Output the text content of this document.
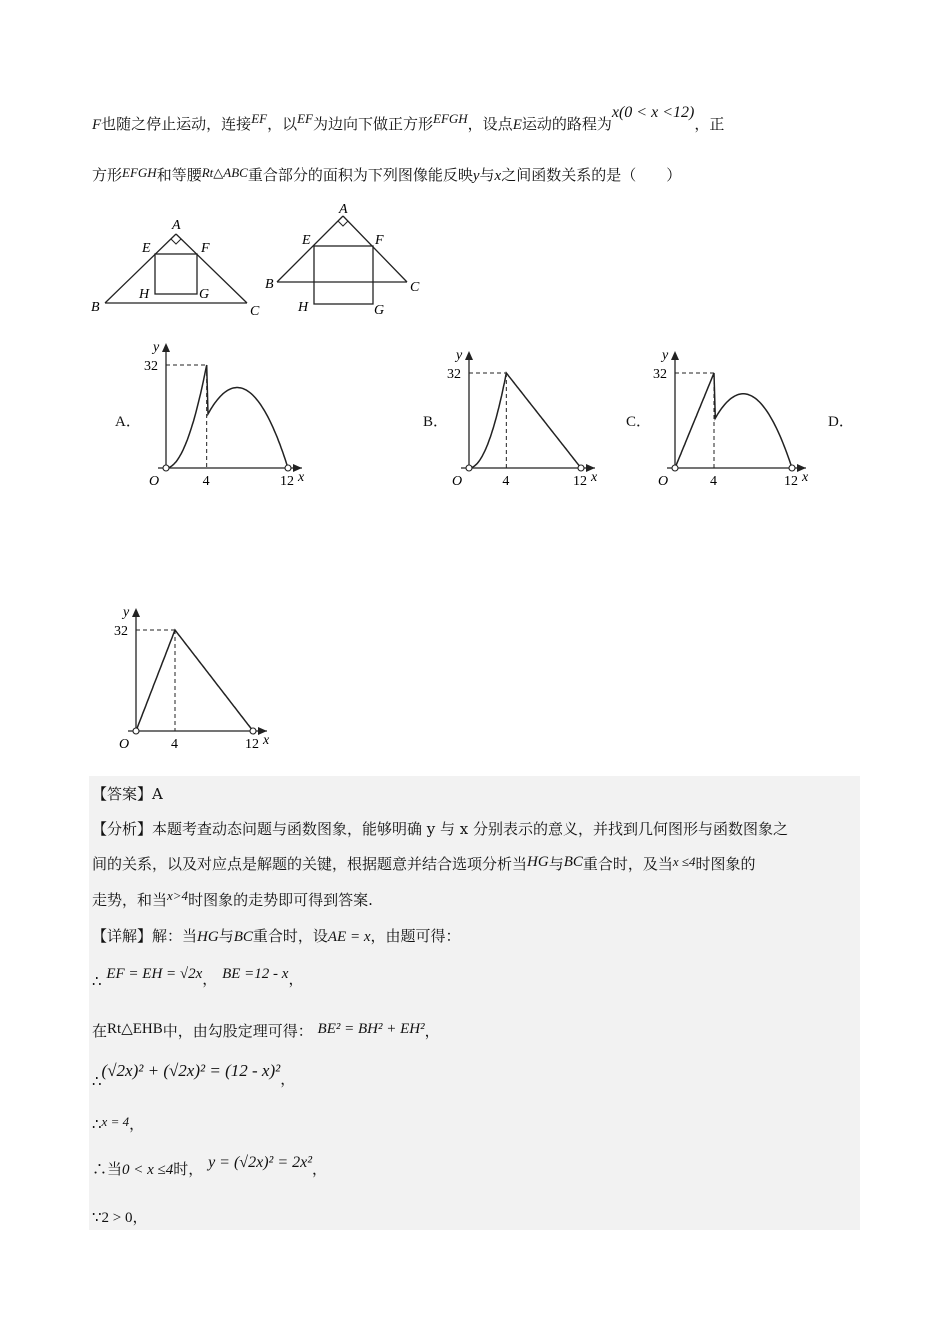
F也随之停止运动，连接EF，以EF为边向下做正方形EFGH，设点E运动的路程为x(0 < x <12)，正
方形EFGH和等腰Rt△ABC重合部分的面积为下列图像能反映y与x之间函数关系的是（　　）
A
E	F
H	G
B	C
A
E	F
B	C
H	G
A．	B．	C．	D．
y
32
O	4	12 x
y
32
O	4	12 x
y
32
O	4	12 x
y
32
O	4	12 x
【答案】A
【分析】本题考查动态问题与函数图象，能够明确 y 与 x 分别表示的意义，并找到几何图形与函数图象之
间的关系，以及对应点是解题的关键，根据题意并结合选项分析当HG与BC重合时，及当x ≤4时图象的
走势，和当x>4时图象的走势即可得到答案.
【详解】解：当HG与BC重合时，设AE = x，由题可得：
∴ EF = EH = √2x， BE =12 - x，
在Rt△EHB中，由勾股定理可得： BE² = BH² + EH²，
∴(√2x)² + (√2x)² = (12 - x)²，
∴x = 4，
∴当0 < x ≤4时， y = (√2x)² = 2x²，
∵2 > 0，
